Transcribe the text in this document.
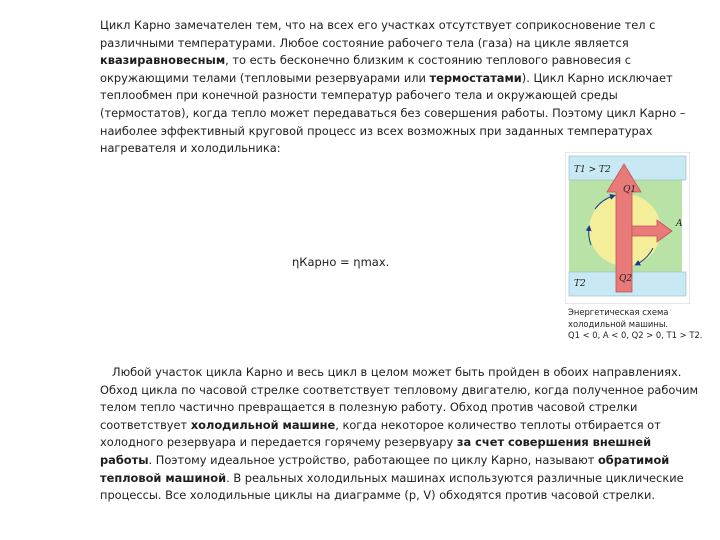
Цикл Карно замечателен тем, что на всех его участках отсутствует соприкосновение тел с различными температурами. Любое состояние рабочего тела (газа) на цикле является квазиравновесным, то есть бесконечно близким к состоянию теплового равновесия с окружающими телами (тепловыми резервуарами или термостатами). Цикл Карно исключает теплообмен при конечной разности температур рабочего тела и окружающей среды (термостатов), когда тепло может передаваться без совершения работы. Поэтому цикл Карно – наиболее эффективный круговой процесс из всех возможных при заданных температурах нагревателя и холодильника:
ηКарно = ηmax.
T1 > T2
Q1
A
T2	Q2
Энергетическая схема
холодильной машины.
Q1 < 0, A < 0, Q2 > 0, T1 > T2.
Любой участок цикла Карно и весь цикл в целом может быть пройден в обоих направлениях. Обход цикла по часовой стрелке соответствует тепловому двигателю, когда полученное рабочим телом тепло частично превращается в полезную работу. Обход против часовой стрелки соответствует холодильной машине, когда некоторое количество теплоты отбирается от холодного резервуара и передается горячему резервуару за счет совершения внешней работы. Поэтому идеальное устройство, работающее по циклу Карно, называют обратимой тепловой машиной. В реальных холодильных машинах используются различные циклические процессы. Все холодильные циклы на диаграмме (p, V) обходятся против часовой стрелки.
